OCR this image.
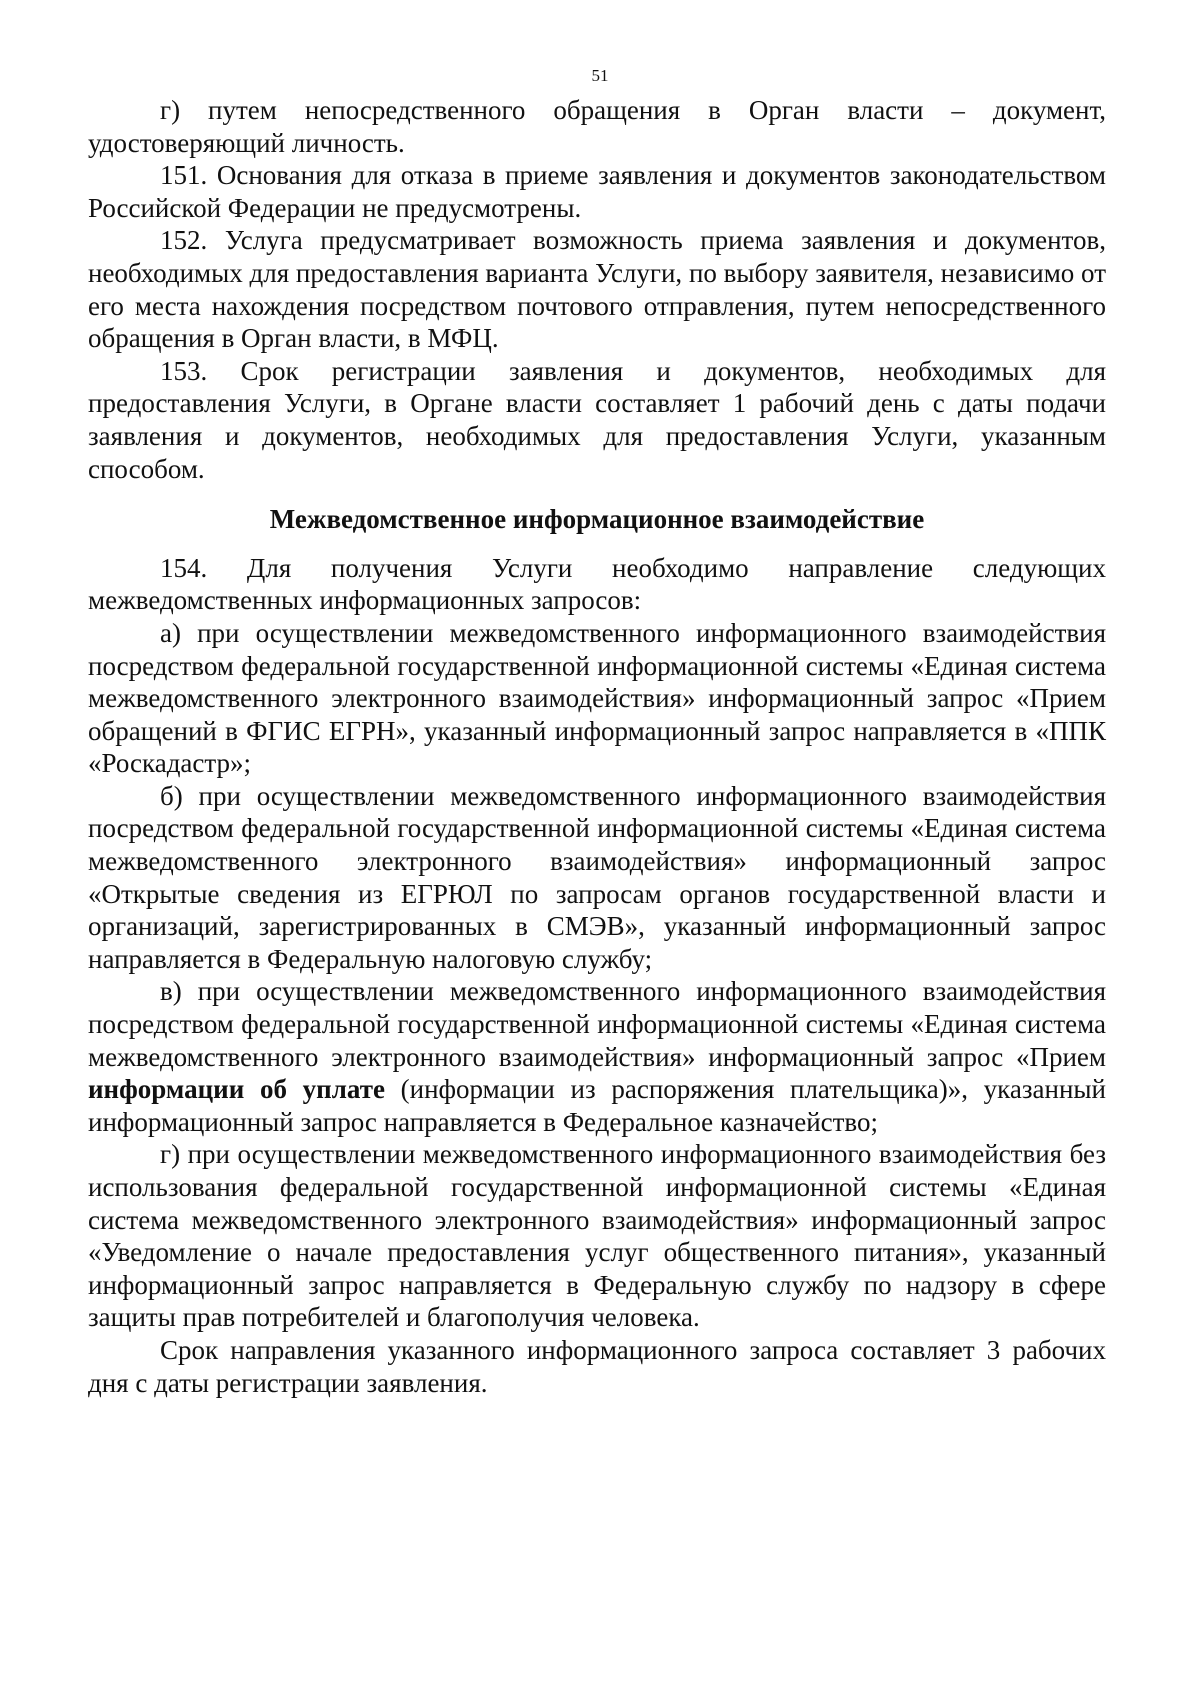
51

г) путем непосредственного обращения в Орган власти – документ, удостоверяющий личность.

151. Основания для отказа в приеме заявления и документов законодательством Российской Федерации не предусмотрены.

152. Услуга предусматривает возможность приема заявления и документов, необходимых для предоставления варианта Услуги, по выбору заявителя, независимо от его места нахождения посредством почтового отправления, путем непосредственного обращения в Орган власти, в МФЦ.

153. Срок регистрации заявления и документов, необходимых для предоставления Услуги, в Органе власти составляет 1 рабочий день с даты подачи заявления и документов, необходимых для предоставления Услуги, указанным способом.

Межведомственное информационное взаимодействие

154. Для получения Услуги необходимо направление следующих межведомственных информационных запросов:

а) при осуществлении межведомственного информационного взаимодействия посредством федеральной государственной информационной системы «Единая система межведомственного электронного взаимодействия» информационный запрос «Прием обращений в ФГИС ЕГРН», указанный информационный запрос направляется в «ППК «Роскадастр»;

б) при осуществлении межведомственного информационного взаимодействия посредством федеральной государственной информационной системы «Единая система межведомственного электронного взаимодействия» информационный запрос «Открытые сведения из ЕГРЮЛ по запросам органов государственной власти и организаций, зарегистрированных в СМЭВ», указанный информационный запрос направляется в Федеральную налоговую службу;

в) при осуществлении межведомственного информационного взаимодействия посредством федеральной государственной информационной системы «Единая система межведомственного электронного взаимодействия» информационный запрос «Прием информации об уплате (информации из распоряжения плательщика)», указанный информационный запрос направляется в Федеральное казначейство;

г) при осуществлении межведомственного информационного взаимодействия без использования федеральной государственной информационной системы «Единая система межведомственного электронного взаимодействия» информационный запрос «Уведомление о начале предоставления услуг общественного питания», указанный информационный запрос направляется в Федеральную службу по надзору в сфере защиты прав потребителей и благополучия человека.

Срок направления указанного информационного запроса составляет 3 рабочих дня с даты регистрации заявления.
